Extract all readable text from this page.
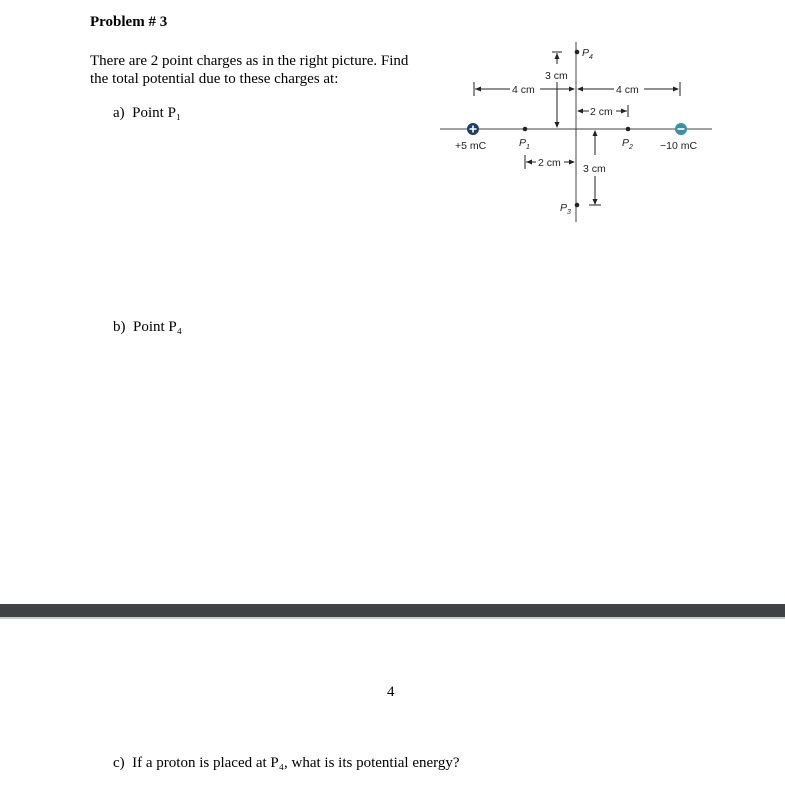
Problem # 3
There are 2 point charges as in the right picture. Find
the total potential due to these charges at:
a) Point P₁
b) Point P₄
4 cm	4 cm
2 cm
3 cm
2 cm 3 cm
+5 mC	−10 mC
$P_1$	$P_2$
$P_3$
$P_4$
4
c) If a proton is placed at P₄, what is its potential energy?
